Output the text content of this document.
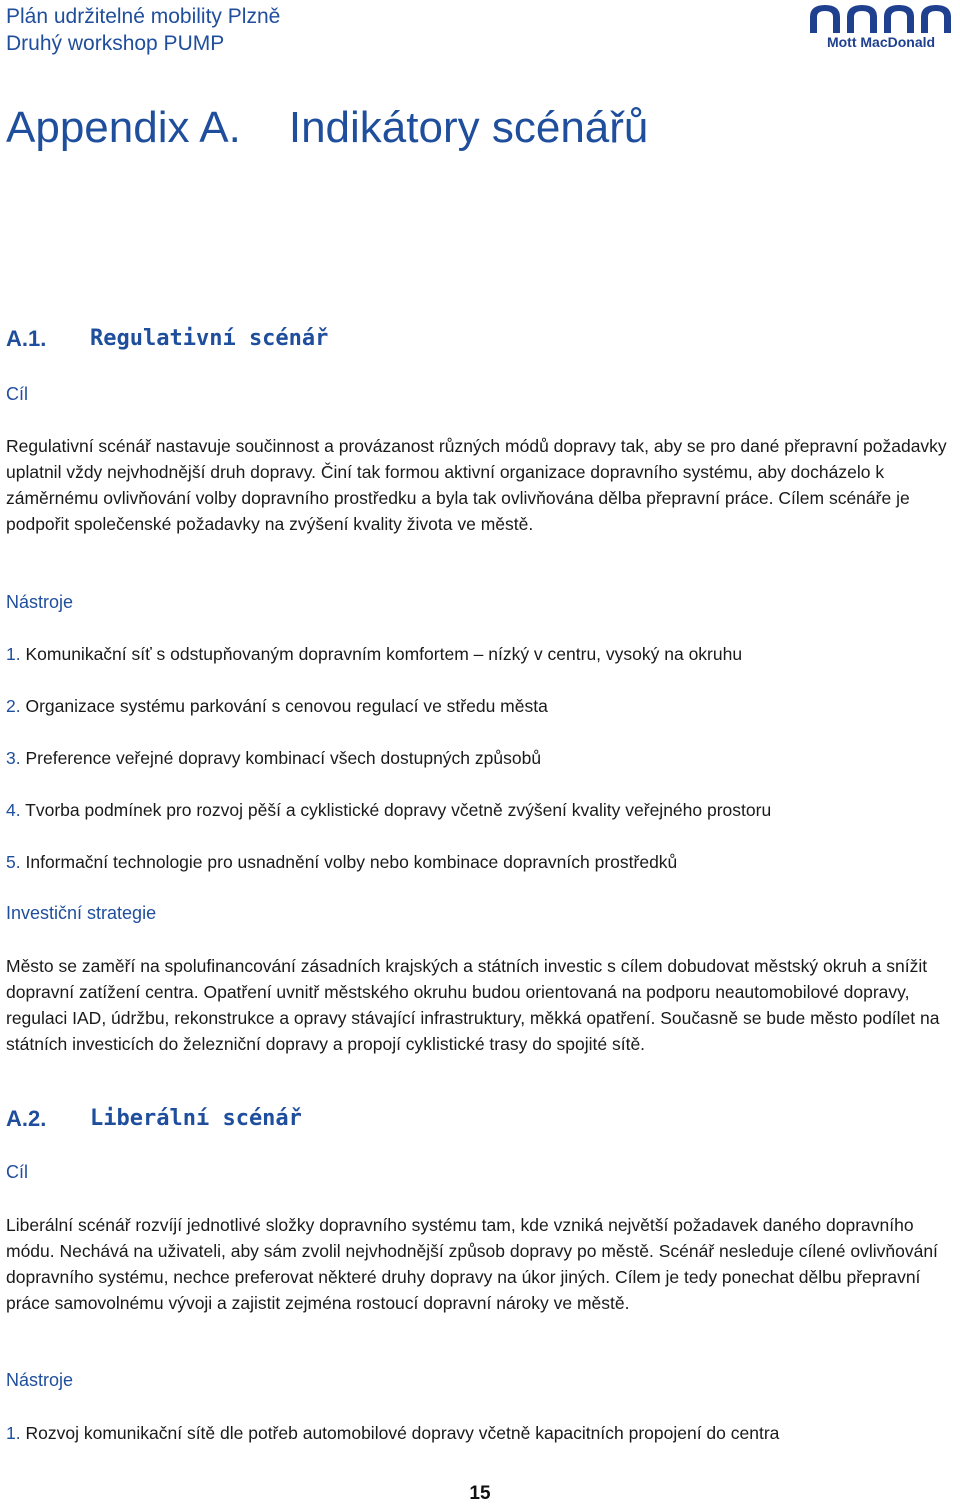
Plán udržitelné mobility Plzně
Druhý workshop PUMP	Mott MacDonald
Appendix A. Indikátory scénářů
A.1. Regulativní scénář
Cíl
Regulativní scénář nastavuje součinnost a provázanost různých módů dopravy tak, aby se pro dané přepravní požadavky uplatnil vždy nejvhodnější druh dopravy. Činí tak formou aktivní organizace dopravního systému, aby docházelo k záměrnému ovlivňování volby dopravního prostředku a byla tak ovlivňována dělba přepravní práce. Cílem scénáře je podpořit společenské požadavky na zvýšení kvality života ve městě.
Nástroje
1. Komunikační síť s odstupňovaným dopravním komfortem – nízký v centru, vysoký na okruhu
2. Organizace systému parkování s cenovou regulací ve středu města
3. Preference veřejné dopravy kombinací všech dostupných způsobů
4. Tvorba podmínek pro rozvoj pěší a cyklistické dopravy včetně zvýšení kvality veřejného prostoru
5. Informační technologie pro usnadnění volby nebo kombinace dopravních prostředků
Investiční strategie
Město se zaměří na spolufinancování zásadních krajských a státních investic s cílem dobudovat městský okruh a snížit dopravní zatížení centra. Opatření uvnitř městského okruhu budou orientovaná na podporu neautomobilové dopravy, regulaci IAD, údržbu, rekonstrukce a opravy stávající infrastruktury, měkká opatření. Současně se bude město podílet na státních investicích do železniční dopravy a propojí cyklistické trasy do spojité sítě.
A.2. Liberální scénář
Cíl
Liberální scénář rozvíjí jednotlivé složky dopravního systému tam, kde vzniká největší požadavek daného dopravního módu. Nechává na uživateli, aby sám zvolil nejvhodnější způsob dopravy po městě. Scénář nesleduje cílené ovlivňování dopravního systému, nechce preferovat některé druhy dopravy na úkor jiných. Cílem je tedy ponechat dělbu přepravní práce samovolnému vývoji a zajistit zejména rostoucí dopravní nároky ve městě.
Nástroje
1. Rozvoj komunikační sítě dle potřeb automobilové dopravy včetně kapacitních propojení do centra
15
